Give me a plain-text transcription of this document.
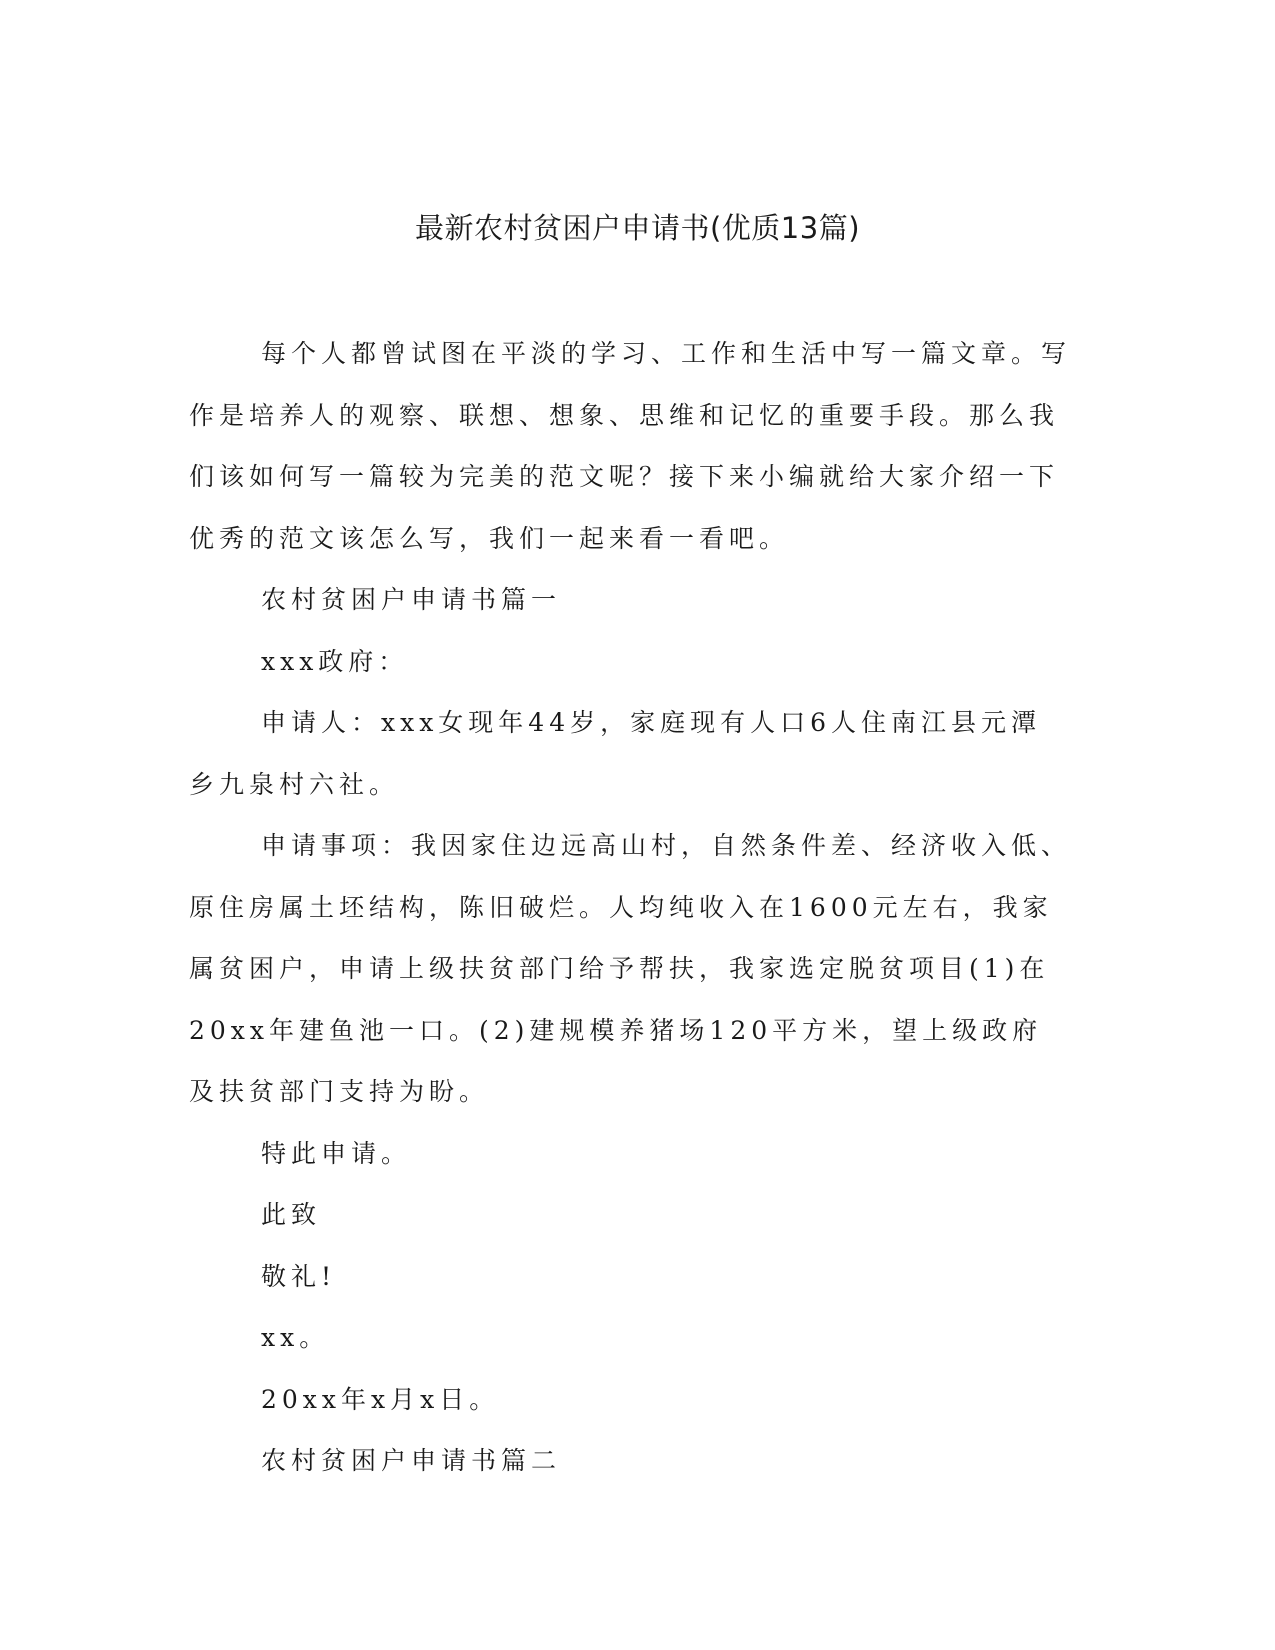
最新农村贫困户申请书(优质13篇)

每个人都曾试图在平淡的学习、工作和生活中写一篇文章。写作是培养人的观察、联想、想象、思维和记忆的重要手段。那么我们该如何写一篇较为完美的范文呢？接下来小编就给大家介绍一下优秀的范文该怎么写，我们一起来看一看吧。

农村贫困户申请书篇一

xxx政府：

申请人：xxx女现年44岁，家庭现有人口6人住南江县元潭乡九泉村六社。

申请事项：我因家住边远高山村，自然条件差、经济收入低、原住房属土坯结构，陈旧破烂。人均纯收入在1600元左右，我家属贫困户，申请上级扶贫部门给予帮扶，我家选定脱贫项目(1)在20xx年建鱼池一口。(2)建规模养猪场120平方米，望上级政府及扶贫部门支持为盼。

特此申请。

此致

敬礼!

xx。

20xx年x月x日。

农村贫困户申请书篇二
